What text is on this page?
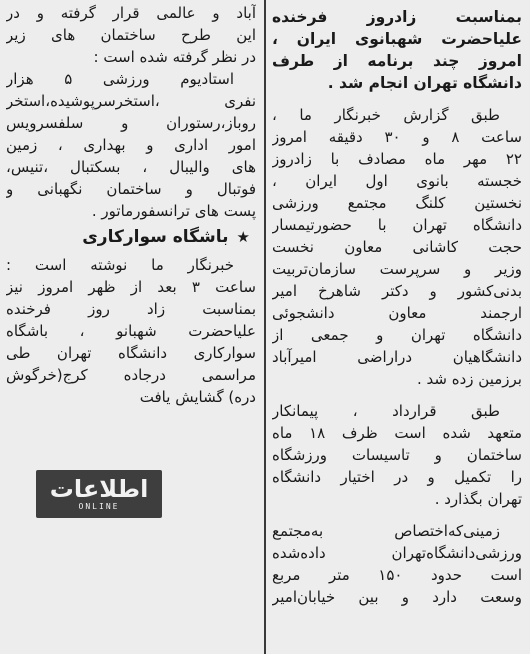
بمناسبت زادروز فرخنده
علیاحضرت شهبانوی ایران ،
امروز چند برنامه از طرف
دانشگاه تهران انجام شد .
طبق گزارش خبرنگار ما ،
ساعت ۸ و ۳۰ دقیقه امروز
۲۲ مهر ماه مصادف با زادروز
خجسته بانوی اول ایران ،
نخستین کلنگ مجتمع ورزشی
دانشگاه تهران با حضورتیمسار
حجت کاشانی معاون نخست
وزیر و سرپرست سازمان‌تربیت
بدنی‌کشور و دکتر شاهرخ امیر
ارجمند معاون دانشجوئی
دانشگاه تهران و جمعی از
دانشگاهیان دراراضی امیرآباد
برزمین زده شد .
طبق قرارداد ، پیمانکار
متعهد شده است ظرف ۱۸ ماه
ساختمان و تاسیسات ورزشگاه
را تکمیل و در اختیار دانشگاه
تهران بگذارد .
زمینی‌که‌اختصاص به‌مجتمع
ورزشی‌دانشگاه‌تهران دادەشده
است حدود ۱۵۰ متر مربع
وسعت دارد و بین خیابان‌امیر
آباد و عالمی قرار گرفته و در
این طرح ساختمان های زیر
در نظر گرفته شده است :
استادیوم ورزشی ۵ هزار
نفری ،استخرسرپوشیده،استخر
روباز،رستوران و سلفسرویس
امور اداری و بهداری ، زمین
های والیبال ، بسکتبال ،تنیس،
فوتبال و ساختمان نگهبانی و
پست های ترانسفورماتور .
★
باشگاه سوارکاری
خبرنگار ما نوشته است :
ساعت ۳ بعد از ظهر امروز نیز
بمناسبت زاد روز فرخنده
علیاحضرت شهبانو ، باشگاه
سوارکاری دانشگاه تهران طی
مراسمی درجاده کرج(خرگوش
دره) گشایش یافت
اطلاعات
ONLINE
